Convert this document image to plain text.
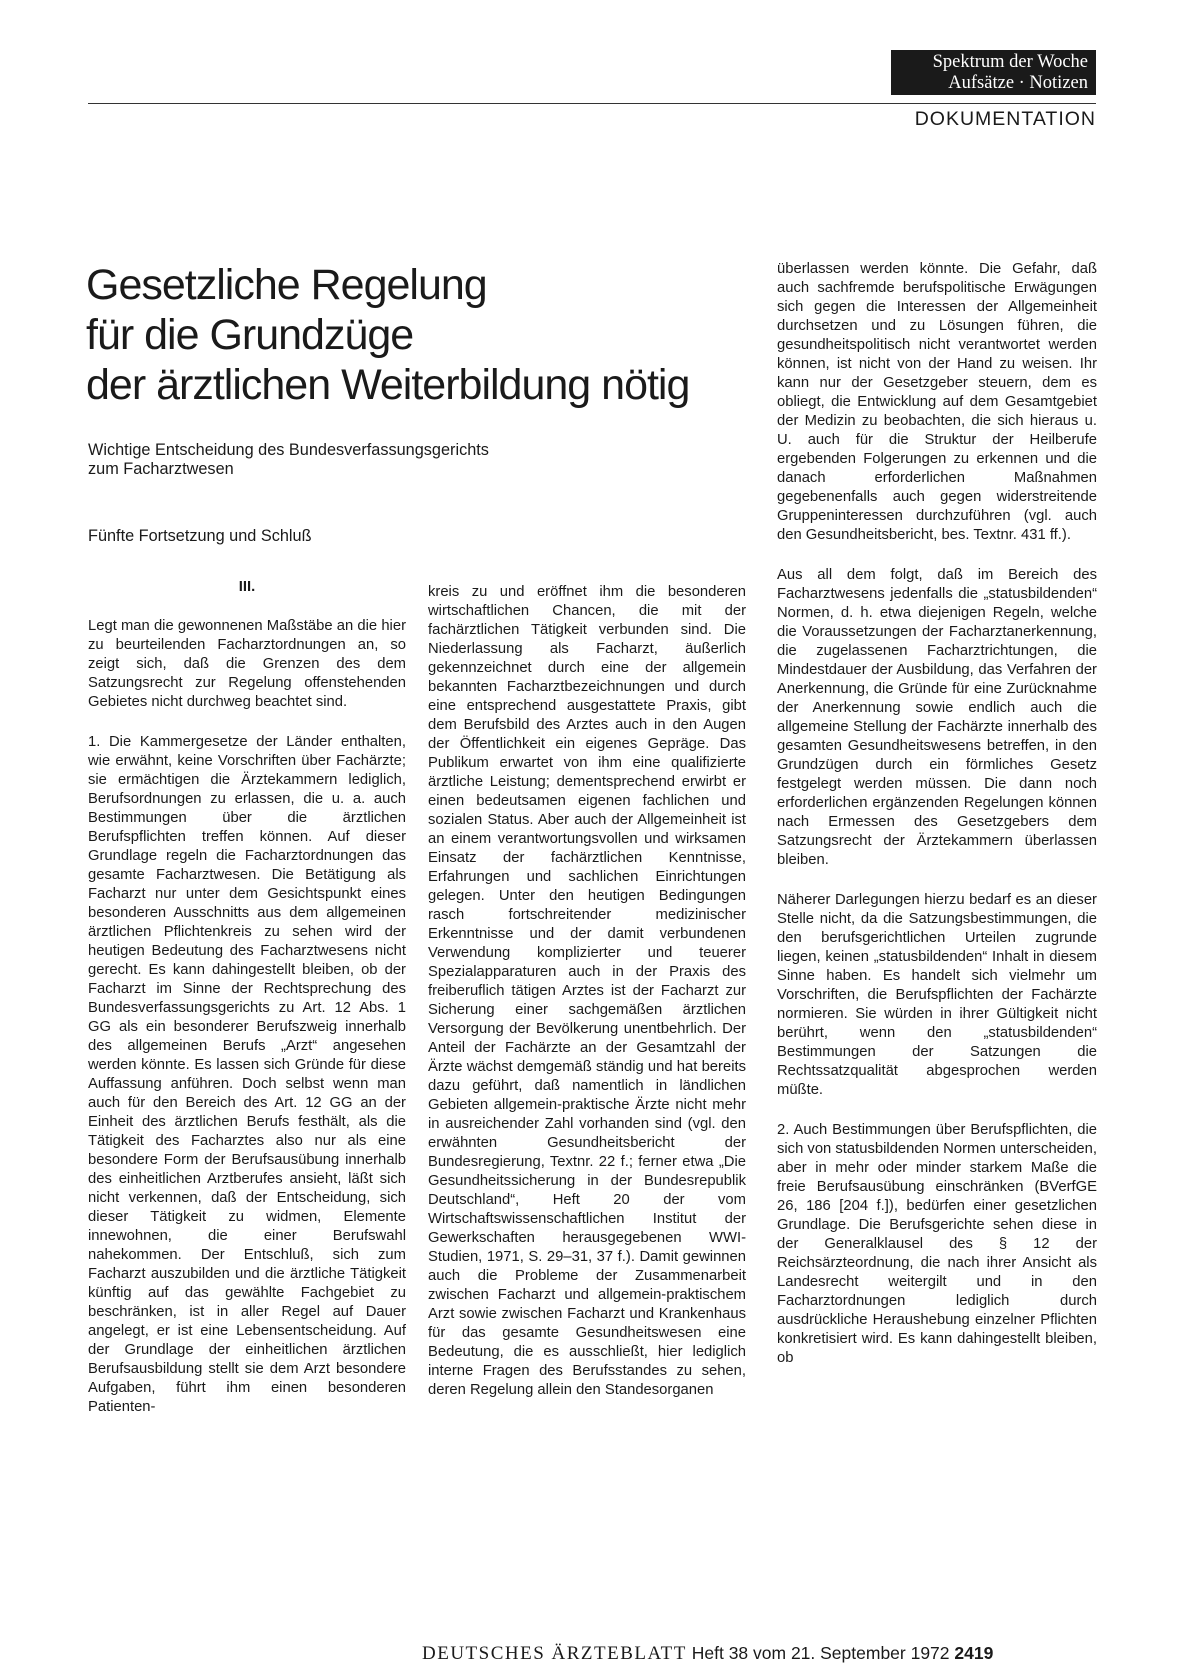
Spektrum der Woche
Aufsätze · Notizen
DOKUMENTATION
Gesetzliche Regelung
für die Grundzüge
der ärztlichen Weiterbildung nötig

Wichtige Entscheidung des Bundesverfassungsgerichts
zum Facharztwesen

Fünfte Fortsetzung und Schluß

III.

Legt man die gewonnenen Maßstäbe an die hier zu beurteilenden Facharztordnungen an, so zeigt sich, daß die Grenzen des dem Satzungsrecht zur Regelung offenstehenden Gebietes nicht durchweg beachtet sind.

1. Die Kammergesetze der Länder enthalten, wie erwähnt, keine Vorschriften über Fachärzte; sie ermächtigen die Ärztekammern lediglich, Berufsordnungen zu erlassen, die u. a. auch Bestimmungen über die ärztlichen Berufspflichten treffen können. Auf dieser Grundlage regeln die Facharztordnungen das gesamte Facharztwesen. Die Betätigung als Facharzt nur unter dem Gesichtspunkt eines besonderen Ausschnitts aus dem allgemeinen ärztlichen Pflichtenkreis zu sehen wird der heutigen Bedeutung des Facharztwesens nicht gerecht. Es kann dahingestellt bleiben, ob der Facharzt im Sinne der Rechtsprechung des Bundesverfassungsgerichts zu Art. 12 Abs. 1 GG als ein besonderer Berufszweig innerhalb des allgemeinen Berufs „Arzt“ angesehen werden könnte. Es lassen sich Gründe für diese Auffassung anführen. Doch selbst wenn man auch für den Bereich des Art. 12 GG an der Einheit des ärztlichen Berufs festhält, als die Tätigkeit des Facharztes also nur als eine besondere Form der Berufsausübung innerhalb des einheitlichen Arztberufes ansieht, läßt sich nicht verkennen, daß der Entscheidung, sich dieser Tätigkeit zu widmen, Elemente innewohnen, die einer Berufswahl nahekommen. Der Entschluß, sich zum Facharzt auszubilden und die ärztliche Tätigkeit künftig auf das gewählte Fachgebiet zu beschränken, ist in aller Regel auf Dauer angelegt, er ist eine Lebensentscheidung. Auf der Grundlage der einheitlichen ärztlichen Berufsausbildung stellt sie dem Arzt besondere Aufgaben, führt ihm einen besonderen Patienten-

kreis zu und eröffnet ihm die besonderen wirtschaftlichen Chancen, die mit der fachärztlichen Tätigkeit verbunden sind. Die Niederlassung als Facharzt, äußerlich gekennzeichnet durch eine der allgemein bekannten Facharztbezeichnungen und durch eine entsprechend ausgestattete Praxis, gibt dem Berufsbild des Arztes auch in den Augen der Öffentlichkeit ein eigenes Gepräge. Das Publikum erwartet von ihm eine qualifizierte ärztliche Leistung; dementsprechend erwirbt er einen bedeutsamen eigenen fachlichen und sozialen Status. Aber auch der Allgemeinheit ist an einem verantwortungsvollen und wirksamen Einsatz der fachärztlichen Kenntnisse, Erfahrungen und sachlichen Einrichtungen gelegen. Unter den heutigen Bedingungen rasch fortschreitender medizinischer Erkenntnisse und der damit verbundenen Verwendung komplizierter und teuerer Spezialapparaturen auch in der Praxis des freiberuflich tätigen Arztes ist der Facharzt zur Sicherung einer sachgemäßen ärztlichen Versorgung der Bevölkerung unentbehrlich. Der Anteil der Fachärzte an der Gesamtzahl der Ärzte wächst demgemäß ständig und hat bereits dazu geführt, daß namentlich in ländlichen Gebieten allgemein-praktische Ärzte nicht mehr in ausreichender Zahl vorhanden sind (vgl. den erwähnten Gesundheitsbericht der Bundesregierung, Textnr. 22 f.; ferner etwa „Die Gesundheitssicherung in der Bundesrepublik Deutschland“, Heft 20 der vom Wirtschaftswissenschaftlichen Institut der Gewerkschaften herausgegebenen WWI-Studien, 1971, S. 29–31, 37 f.). Damit gewinnen auch die Probleme der Zusammenarbeit zwischen Facharzt und allgemein-praktischem Arzt sowie zwischen Facharzt und Krankenhaus für das gesamte Gesundheitswesen eine Bedeutung, die es ausschließt, hier lediglich interne Fragen des Berufsstandes zu sehen, deren Regelung allein den Standesorganen

überlassen werden könnte. Die Gefahr, daß auch sachfremde berufspolitische Erwägungen sich gegen die Interessen der Allgemeinheit durchsetzen und zu Lösungen führen, die gesundheitspolitisch nicht verantwortet werden können, ist nicht von der Hand zu weisen. Ihr kann nur der Gesetzgeber steuern, dem es obliegt, die Entwicklung auf dem Gesamtgebiet der Medizin zu beobachten, die sich hieraus u. U. auch für die Struktur der Heilberufe ergebenden Folgerungen zu erkennen und die danach erforderlichen Maßnahmen gegebenenfalls auch gegen widerstreitende Gruppeninteressen durchzuführen (vgl. auch den Gesundheitsbericht, bes. Textnr. 431 ff.).

Aus all dem folgt, daß im Bereich des Facharztwesens jedenfalls die „statusbildenden“ Normen, d. h. etwa diejenigen Regeln, welche die Voraussetzungen der Facharztanerkennung, die zugelassenen Facharztrichtungen, die Mindestdauer der Ausbildung, das Verfahren der Anerkennung, die Gründe für eine Zurücknahme der Anerkennung sowie endlich auch die allgemeine Stellung der Fachärzte innerhalb des gesamten Gesundheitswesens betreffen, in den Grundzügen durch ein förmliches Gesetz festgelegt werden müssen. Die dann noch erforderlichen ergänzenden Regelungen können nach Ermessen des Gesetzgebers dem Satzungsrecht der Ärztekammern überlassen bleiben.

Näherer Darlegungen hierzu bedarf es an dieser Stelle nicht, da die Satzungsbestimmungen, die den berufsgerichtlichen Urteilen zugrunde liegen, keinen „statusbildenden“ Inhalt in diesem Sinne haben. Es handelt sich vielmehr um Vorschriften, die Berufspflichten der Fachärzte normieren. Sie würden in ihrer Gültigkeit nicht berührt, wenn den „statusbildenden“ Bestimmungen der Satzungen die Rechtssatzqualität abgesprochen werden müßte.

2. Auch Bestimmungen über Berufspflichten, die sich von statusbildenden Normen unterscheiden, aber in mehr oder minder starkem Maße die freie Berufsausübung einschränken (BVerfGE 26, 186 [204 f.]), bedürfen einer gesetzlichen Grundlage. Die Berufsgerichte sehen diese in der Generalklausel des § 12 der Reichsärzteordnung, die nach ihrer Ansicht als Landesrecht weitergilt und in den Facharztordnungen lediglich durch ausdrückliche Heraushebung einzelner Pflichten konkretisiert wird. Es kann dahingestellt bleiben, ob

DEUTSCHES ÄRZTEBLATT Heft 38 vom 21. September 1972 2419
